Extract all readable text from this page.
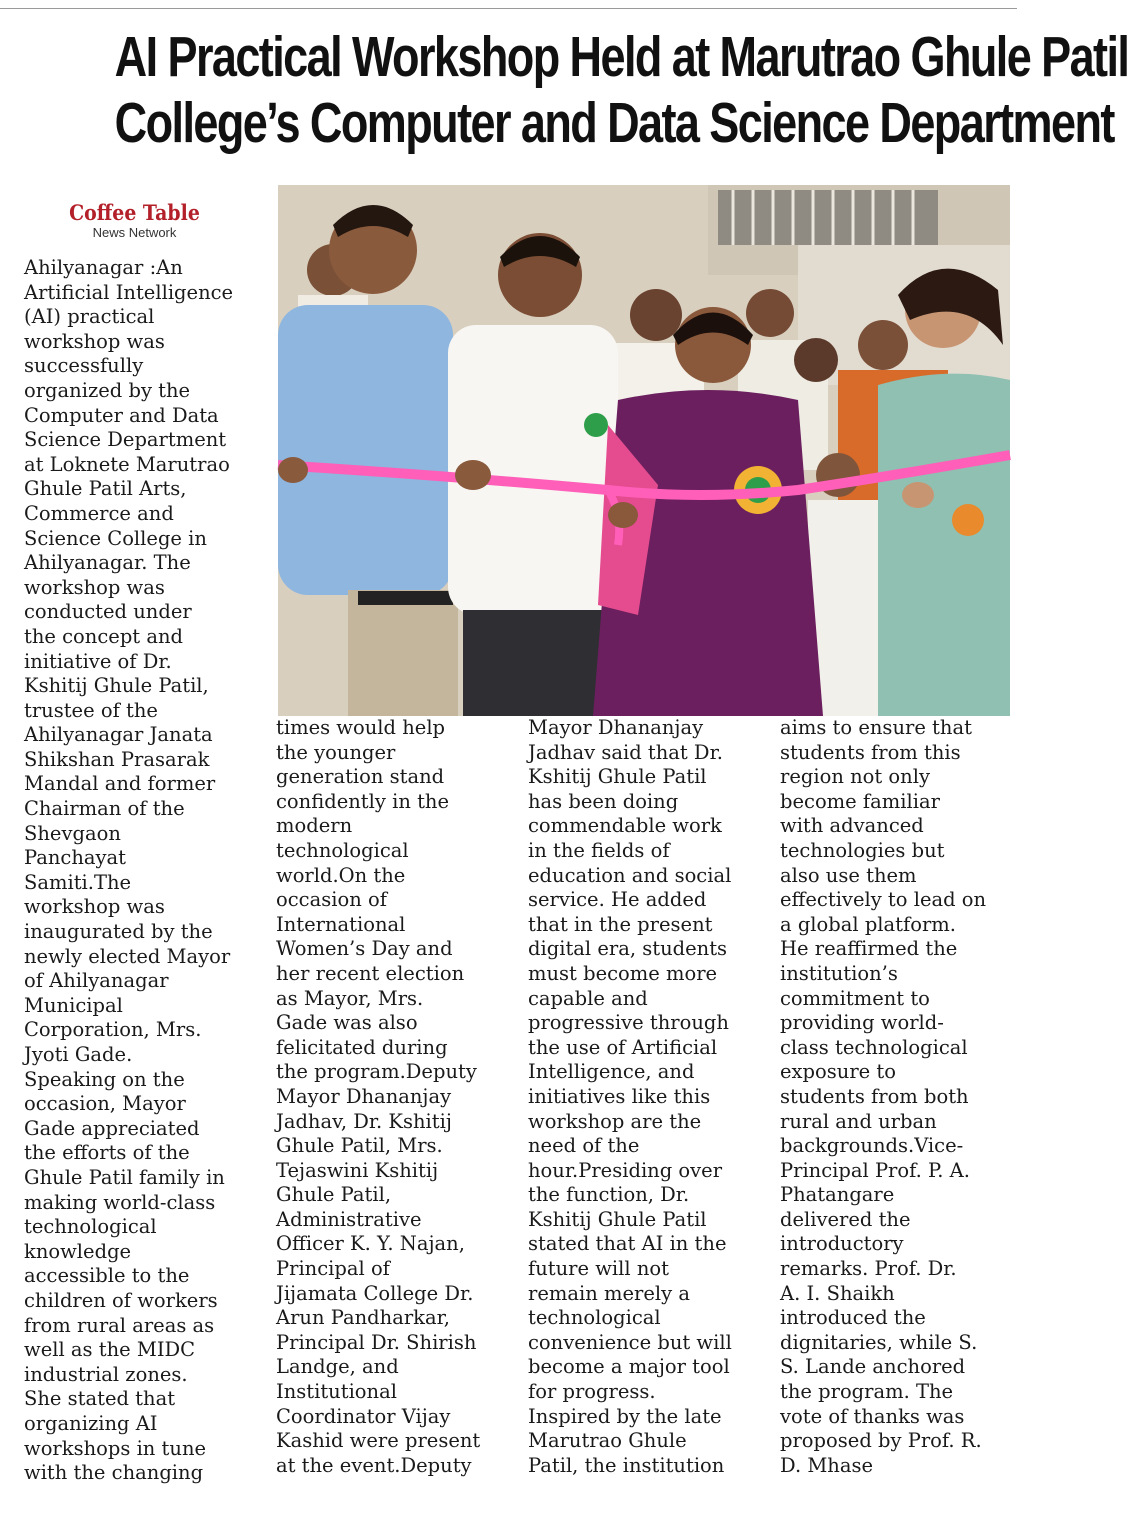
AI Practical Workshop Held at Marutrao Ghule Patil
College’s Computer and Data Science Department
Coffee Table
News Network

Ahilyanagar :An
Artificial Intelligence
(AI) practical
workshop was
successfully
organized by the
Computer and Data
Science Department
at Loknete Marutrao
Ghule Patil Arts,
Commerce and
Science College in
Ahilyanagar. The
workshop was
conducted under
the concept and
initiative of Dr.
Kshitij Ghule Patil,
trustee of the
Ahilyanagar Janata
Shikshan Prasarak
Mandal and former
Chairman of the
Shevgaon
Panchayat
Samiti.The
workshop was
inaugurated by the
newly elected Mayor
of Ahilyanagar
Municipal
Corporation, Mrs.
Jyoti Gade.
Speaking on the
occasion, Mayor
Gade appreciated
the efforts of the
Ghule Patil family in
making world-class
technological
knowledge
accessible to the
children of workers
from rural areas as
well as the MIDC
industrial zones.
She stated that
organizing AI
workshops in tune
with the changing

times would help
the younger
generation stand
confidently in the
modern
technological
world.On the
occasion of
International
Women’s Day and
her recent election
as Mayor, Mrs.
Gade was also
felicitated during
the program.Deputy
Mayor Dhananjay
Jadhav, Dr. Kshitij
Ghule Patil, Mrs.
Tejaswini Kshitij
Ghule Patil,
Administrative
Officer K. Y. Najan,
Principal of
Jijamata College Dr.
Arun Pandharkar,
Principal Dr. Shirish
Landge, and
Institutional
Coordinator Vijay
Kashid were present
at the event.Deputy

Mayor Dhananjay
Jadhav said that Dr.
Kshitij Ghule Patil
has been doing
commendable work
in the fields of
education and social
service. He added
that in the present
digital era, students
must become more
capable and
progressive through
the use of Artificial
Intelligence, and
initiatives like this
workshop are the
need of the
hour.Presiding over
the function, Dr.
Kshitij Ghule Patil
stated that AI in the
future will not
remain merely a
technological
convenience but will
become a major tool
for progress.
Inspired by the late
Marutrao Ghule
Patil, the institution

aims to ensure that
students from this
region not only
become familiar
with advanced
technologies but
also use them
effectively to lead on
a global platform.
He reaffirmed the
institution’s
commitment to
providing world-
class technological
exposure to
students from both
rural and urban
backgrounds.Vice-
Principal Prof. P. A.
Phatangare
delivered the
introductory
remarks. Prof. Dr.
A. I. Shaikh
introduced the
dignitaries, while S.
S. Lande anchored
the program. The
vote of thanks was
proposed by Prof. R.
D. Mhase
